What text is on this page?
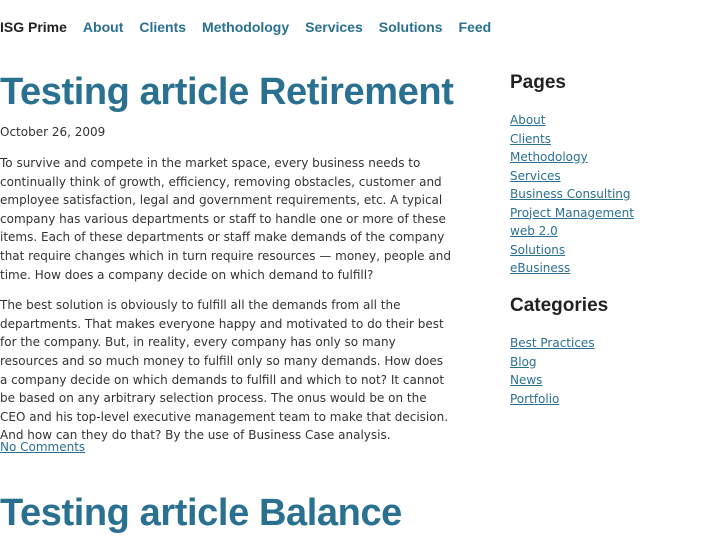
ISG Prime About Clients Methodology Services Solutions Feed
Testing article Retirement
October 26, 2009

To survive and compete in the market space, every business needs to continually think of growth, efficiency, removing obstacles, customer and employee satisfaction, legal and government requirements, etc. A typical company has various departments or staff to handle one or more of these items. Each of these departments or staff make demands of the company that require changes which in turn require resources — money, people and time. How does a company decide on which demand to fulfill?

The best solution is obviously to fulfill all the demands from all the departments. That makes everyone happy and motivated to do their best for the company. But, in reality, every company has only so many resources and so much money to fulfill only so many demands. How does a company decide on which demands to fulfill and which to not? It cannot be based on any arbitrary selection process. The onus would be on the CEO and his top-level executive management team to make that decision. And how can they do that? By the use of Business Case analysis.

No Comments
Testing article Balance
Pages
About
Clients
Methodology
Services
Business Consulting
Project Management
web 2.0
Solutions
eBusiness
Categories
Best Practices
Blog
News
Portfolio
